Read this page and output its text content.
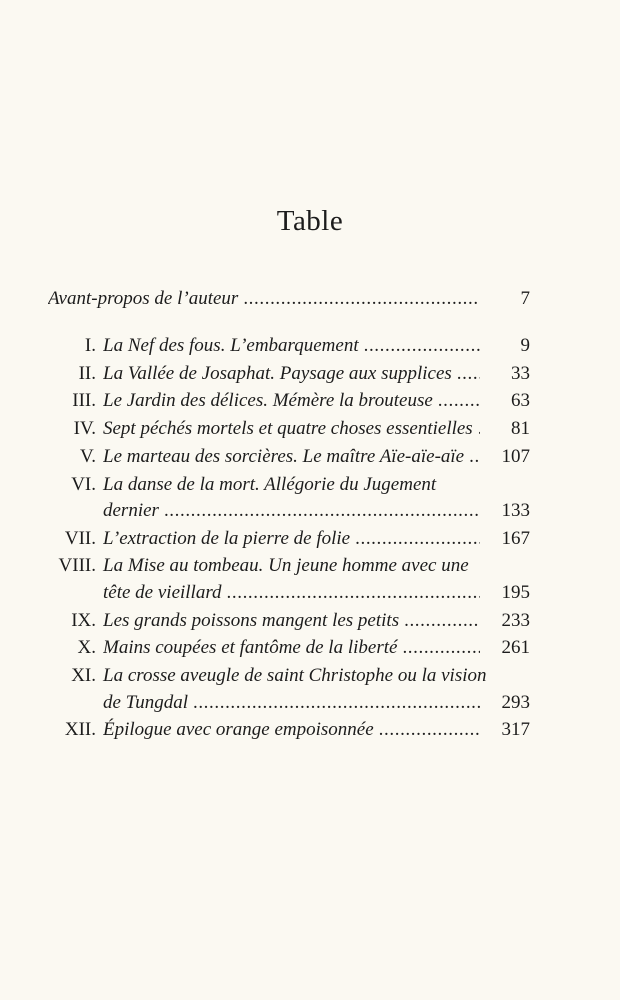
Table
Avant-propos de l’auteur .....	7
I. La Nef des fous. L’embarquement .....	9
II. La Vallée de Josaphat. Paysage aux supplices .....	33
III. Le Jardin des délices. Mémère la brouteuse .....	63
IV. Sept péchés mortels et quatre choses essentielles .....	81
V. Le marteau des sorcières. Le maître Aïe-aïe-aïe .....	107
VI. La danse de la mort. Allégorie du Jugement
dernier .....	133
VII. L’extraction de la pierre de folie .....	167
VIII. La Mise au tombeau. Un jeune homme avec une
tête de vieillard .....	195
IX. Les grands poissons mangent les petits .....	233
X. Mains coupées et fantôme de la liberté .....	261
XI. La crosse aveugle de saint Christophe ou la vision
de Tungdal .....	293
XII. Épilogue avec orange empoisonnée .....	317
